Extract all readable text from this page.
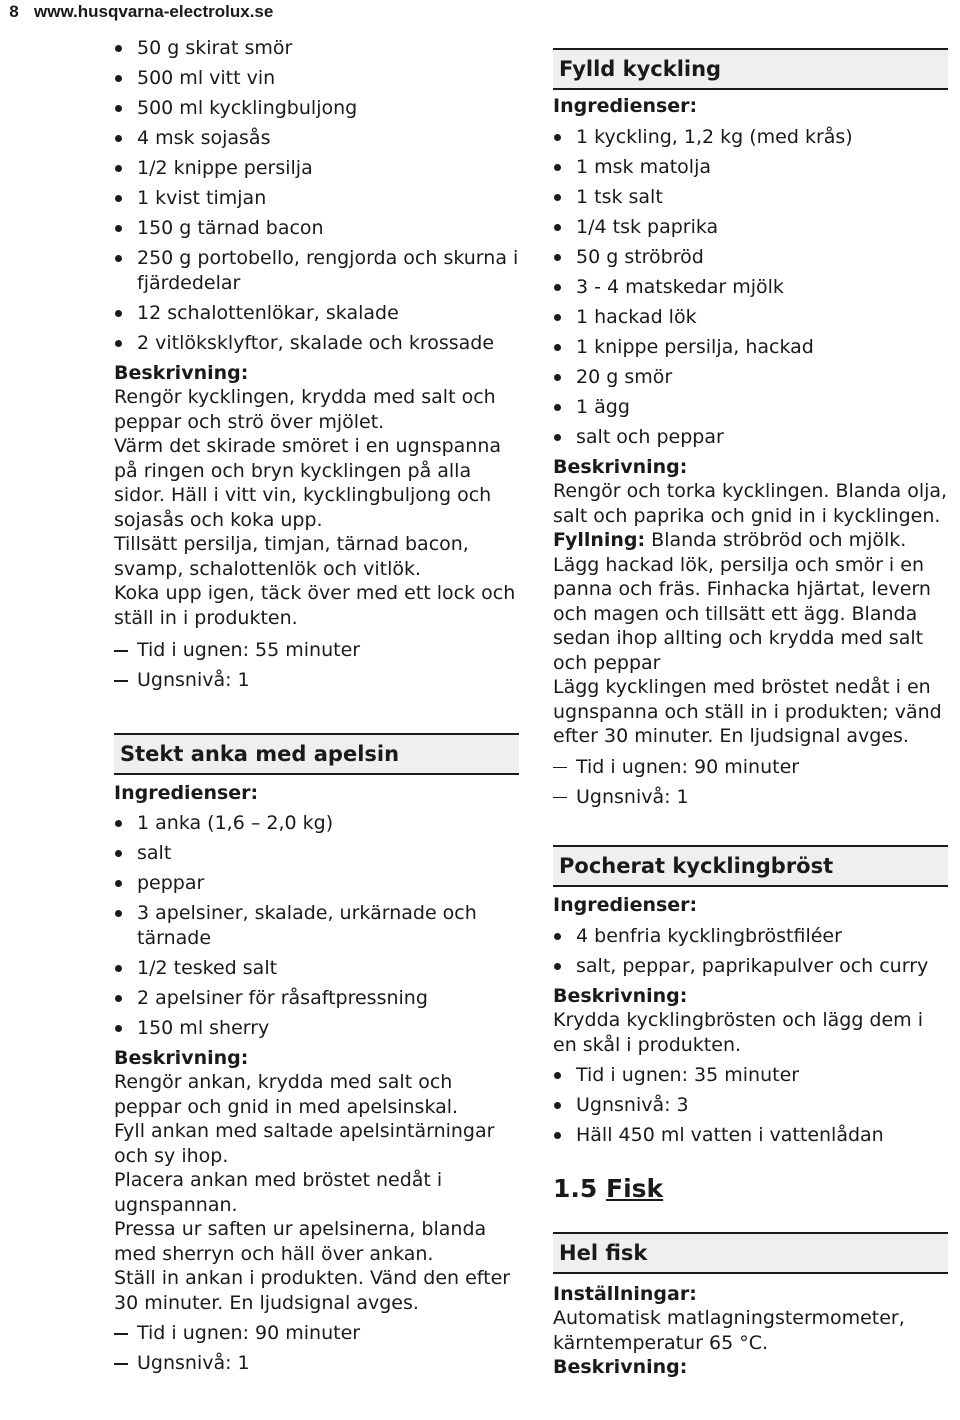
8 www.husqvarna-electrolux.se
50 g skirat smör
500 ml vitt vin
500 ml kycklingbuljong
4 msk sojasås
1/2 knippe persilja
1 kvist timjan
150 g tärnad bacon
250 g portobello, rengjorda och skurna i fjärdedelar
12 schalottenlökar, skalade
2 vitlöksklyftor, skalade och krossade
Beskrivning:

Rengör kycklingen, krydda med salt och peppar och strö över mjölet.

Värm det skirade smöret i en ugnspanna på ringen och bryn kycklingen på alla sidor. Häll i vitt vin, kycklingbuljong och sojasås och koka upp.

Tillsätt persilja, timjan, tärnad bacon, svamp, schalottenlök och vitlök.

Koka upp igen, täck över med ett lock och ställ in i produkten.

Tid i ugnen: 55 minuter
Ugnsnivå: 1
Stekt anka med apelsin
Ingredienser:
1 anka (1,6 – 2,0 kg)
salt
peppar
3 apelsiner, skalade, urkärnade och tärnade
1/2 tesked salt
2 apelsiner för råsaftpressning
150 ml sherry
Beskrivning:

Rengör ankan, krydda med salt och peppar och gnid in med apelsinskal.

Fyll ankan med saltade apelsintärningar och sy ihop.

Placera ankan med bröstet nedåt i ugnspannan.

Pressa ur saften ur apelsinerna, blanda med sherryn och häll över ankan.

Ställ in ankan i produkten. Vänd den efter 30 minuter. En ljudsignal avges.

Tid i ugnen: 90 minuter
Ugnsnivå: 1
Fylld kyckling
Ingredienser:
1 kyckling, 1,2 kg (med krås)
1 msk matolja
1 tsk salt
1/4 tsk paprika
50 g ströbröd
3 - 4 matskedar mjölk
1 hackad lök
1 knippe persilja, hackad
20 g smör
1 ägg
salt och peppar
Beskrivning:

Rengör och torka kycklingen. Blanda olja, salt och paprika och gnid in i kycklingen.

Fyllning: Blanda ströbröd och mjölk. Lägg hackad lök, persilja och smör i en panna och fräs. Finhacka hjärtat, levern och magen och tillsätt ett ägg. Blanda sedan ihop allting och krydda med salt och peppar

Lägg kycklingen med bröstet nedåt i en ugnspanna och ställ in i produkten; vänd efter 30 minuter. En ljudsignal avges.

Tid i ugnen: 90 minuter
Ugnsnivå: 1
Pocherat kycklingbröst
Ingredienser:
4 benfria kycklingbröstfiléer
salt, peppar, paprikapulver och curry
Beskrivning:

Krydda kycklingbrösten och lägg dem i en skål i produkten.

Tid i ugnen: 35 minuter
Ugnsnivå: 3
Häll 450 ml vatten i vattenlådan
1.5 Fisk
Hel fisk
Inställningar:

Automatisk matlagningstermometer, kärntemperatur 65 °C.

Beskrivning:
